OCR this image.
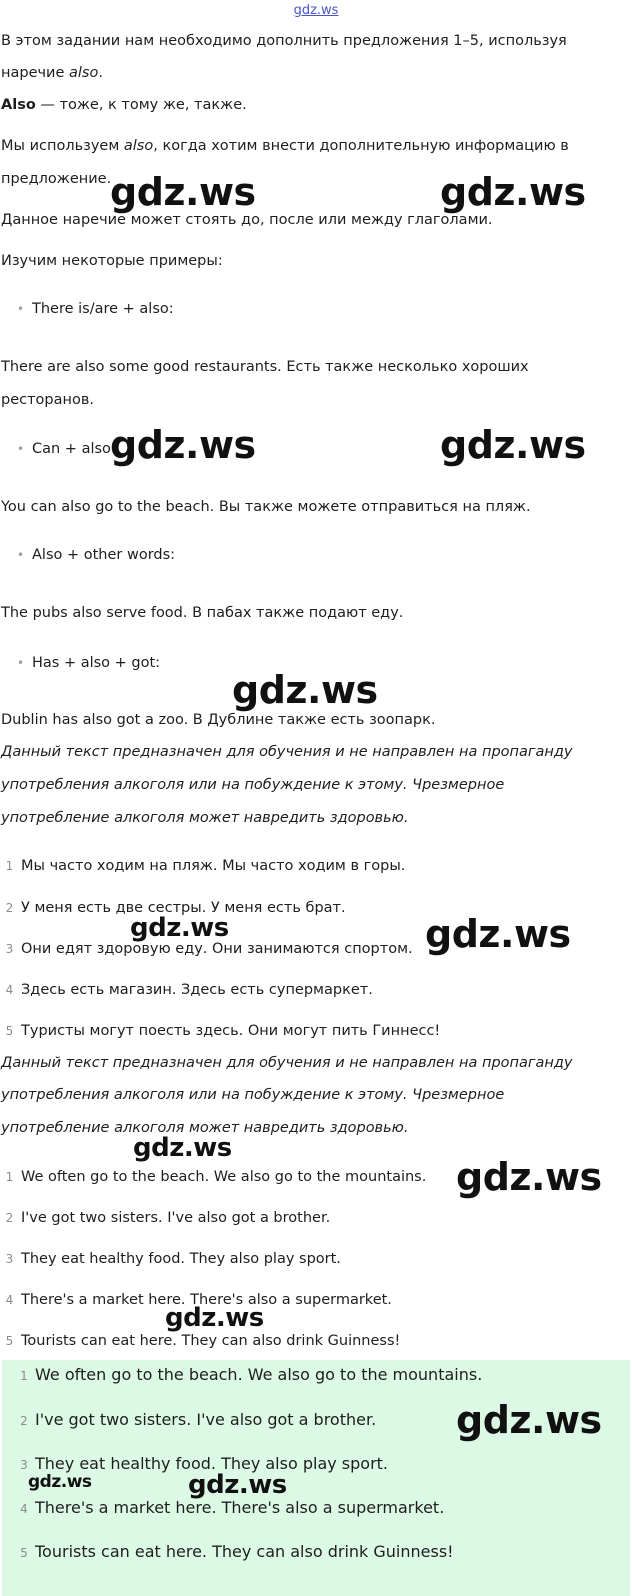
gdz.ws
В этом задании нам необходимо дополнить предложения 1–5, используя
наречие also.
Also — тоже, к тому же, также.
Мы используем also, когда хотим внести дополнительную информацию в
предложение.
Данное наречие может стоять до, после или между глаголами.
Изучим некоторые примеры:
• There is/are + also:
There are also some good restaurants. Есть также несколько хороших
ресторанов.
• Can + also:
You can also go to the beach. Вы также можете отправиться на пляж.
• Also + other words:
The pubs also serve food. В пабах также подают еду.
• Has + also + got:
Dublin has also got a zoo. В Дублине также есть зоопарк.
Данный текст предназначен для обучения и не направлен на пропаганду
употребления алкоголя или на побуждение к этому. Чрезмерное
употребление алкоголя может навредить здоровью.
1 Мы часто ходим на пляж. Мы часто ходим в горы.
2 У меня есть две сестры. У меня есть брат.
3 Они едят здоровую еду. Они занимаются спортом.
4 Здесь есть магазин. Здесь есть супермаркет.
5 Туристы могут поесть здесь. Они могут пить Гиннесс!
Данный текст предназначен для обучения и не направлен на пропаганду
употребления алкоголя или на побуждение к этому. Чрезмерное
употребление алкоголя может навредить здоровью.
1 We often go to the beach. We also go to the mountains.
2 I've got two sisters. I've also got a brother.
3 They eat healthy food. They also play sport.
4 There's a market here. There's also a supermarket.
5 Tourists can eat here. They can also drink Guinness!
1 We often go to the beach. We also go to the mountains.
2 I've got two sisters. I've also got a brother.
3 They eat healthy food. They also play sport.
4 There's a market here. There's also a supermarket.
5 Tourists can eat here. They can also drink Guinness!
gdz.ws	gdz.ws
gdz.ws	gdz.ws
gdz.ws
gdz.ws	gdz.ws
gdz.ws
gdz.ws
gdz.ws
gdz.ws
gdz.ws	gdz.ws
